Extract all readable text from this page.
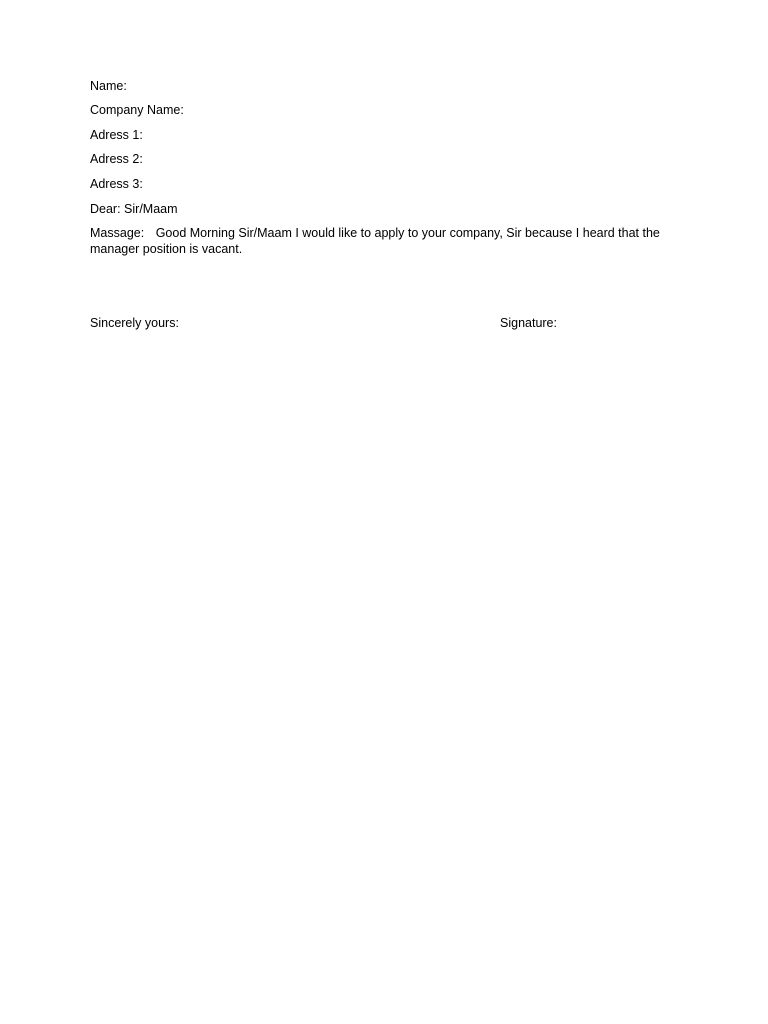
Name:
Company Name:
Adress 1:
Adress 2:
Adress 3:
Dear: Sir/Maam
Massage: Good Morning Sir/Maam I would like to apply to your company, Sir because I heard that the manager position is vacant.
Sincerely yours:	Signature:
